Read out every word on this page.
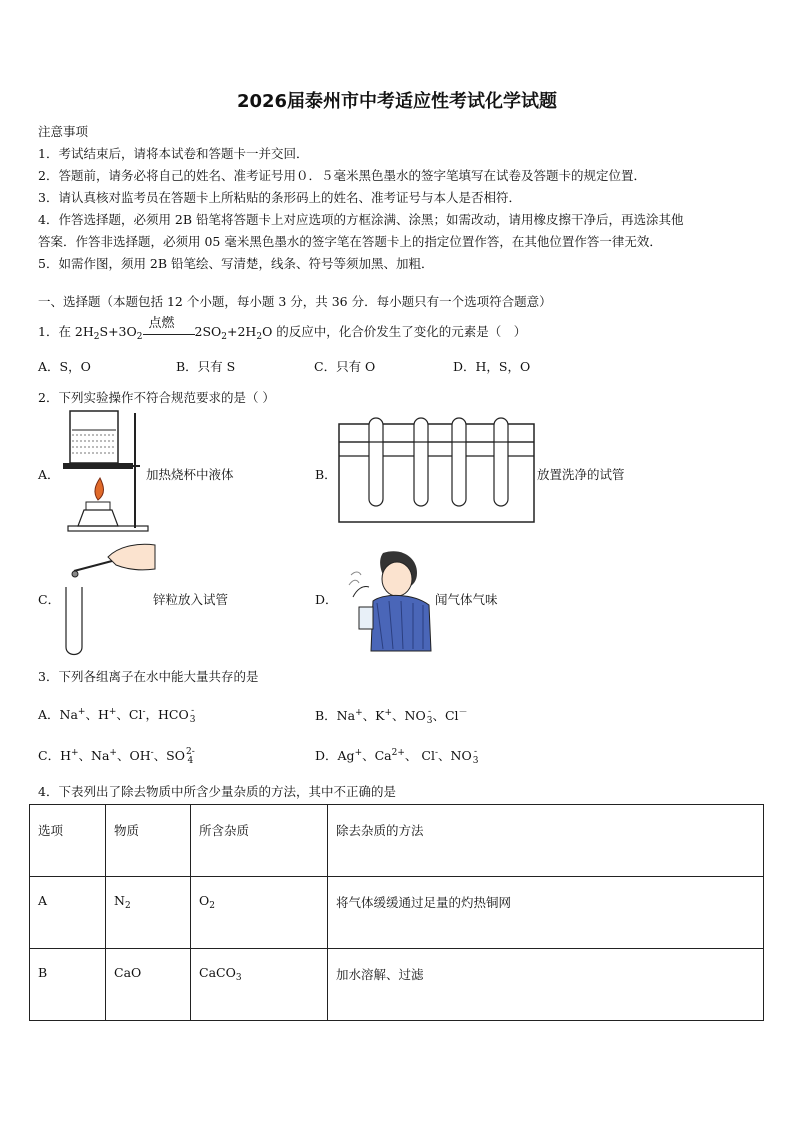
2026届泰州市中考适应性考试化学试题
注意事项
1．考试结束后，请将本试卷和答题卡一并交回．
2．答题前，请务必将自己的姓名、准考证号用０．５毫米黑色墨水的签字笔填写在试卷及答题卡的规定位置．
3．请认真核对监考员在答题卡上所粘贴的条形码上的姓名、准考证号与本人是否相符．
4．作答选择题，必须用 2B 铅笔将答题卡上对应选项的方框涂满、涂黑；如需改动，请用橡皮擦干净后，再选涂其他
答案．作答非选择题，必须用 05 毫米黑色墨水的签字笔在答题卡上的指定位置作答，在其他位置作答一律无效．
5．如需作图，须用 2B 铅笔绘、写清楚，线条、符号等须加黑、加粗．
一、选择题（本题包括 12 个小题，每小题 3 分，共 36 分．每小题只有一个选项符合题意）
1．在 $2H_2S+3O_2$
点燃
$2SO_2+2H_2O$ 的反应中，化合价发生了变化的元素是（　）
A．S，O	B．只有 S	C．只有 O	D．H，S，O
2．下列实验操作不符合规范要求的是（ ）
A．	加热烧杯中液体	B．	放置洗净的试管
C．	锌粒放入试管	D．	闻气体气味
3．下列各组离子在水中能大量共存的是
A．Na+、H+、Cl-，HCO -
3	B．Na+、K+、NO -
3、Cl－
C．H+、Na+、OH-、SO2-
4	D．Ag+、$Ca^{2+}$、 Cl-、NO -
3
4．下表列出了除去物质中所含少量杂质的方法，其中不正确的是
选项	物质	所含杂质	除去杂质的方法
A	$N_2$	$O_2$	将气体缓缓通过足量的灼热铜网
B	CaO	CaCO$_3$	加水溶解、过滤
